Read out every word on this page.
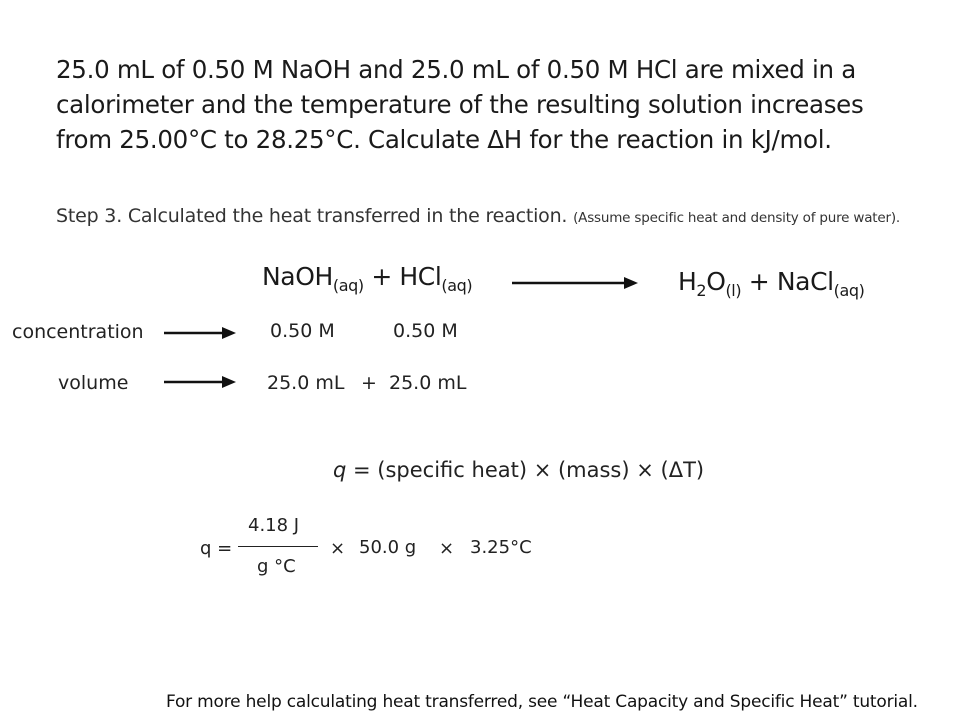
25.0 mL of 0.50 M NaOH and 25.0 mL of 0.50 M HCl are mixed in a
calorimeter and the temperature of the resulting solution increases
from 25.00°C to 28.25°C. Calculate ΔH for the reaction in kJ/mol.
Step 3. Calculated the heat transferred in the reaction. (Assume specific heat and density of pure water).
NaOH$_{(aq)}$ + HCl$_{(aq)}$	$H_2O_{(l)}$ + NaCl$_{(aq)}$
concentration	0.50 M	0.50 M
volume	25.0 mL + 25.0 mL
q = (specific heat) × (mass) × (ΔT)
q =
4.18 J
g °C
× 50.0 g × 3.25°C
For more help calculating heat transferred, see “Heat Capacity and Specific Heat” tutorial.
